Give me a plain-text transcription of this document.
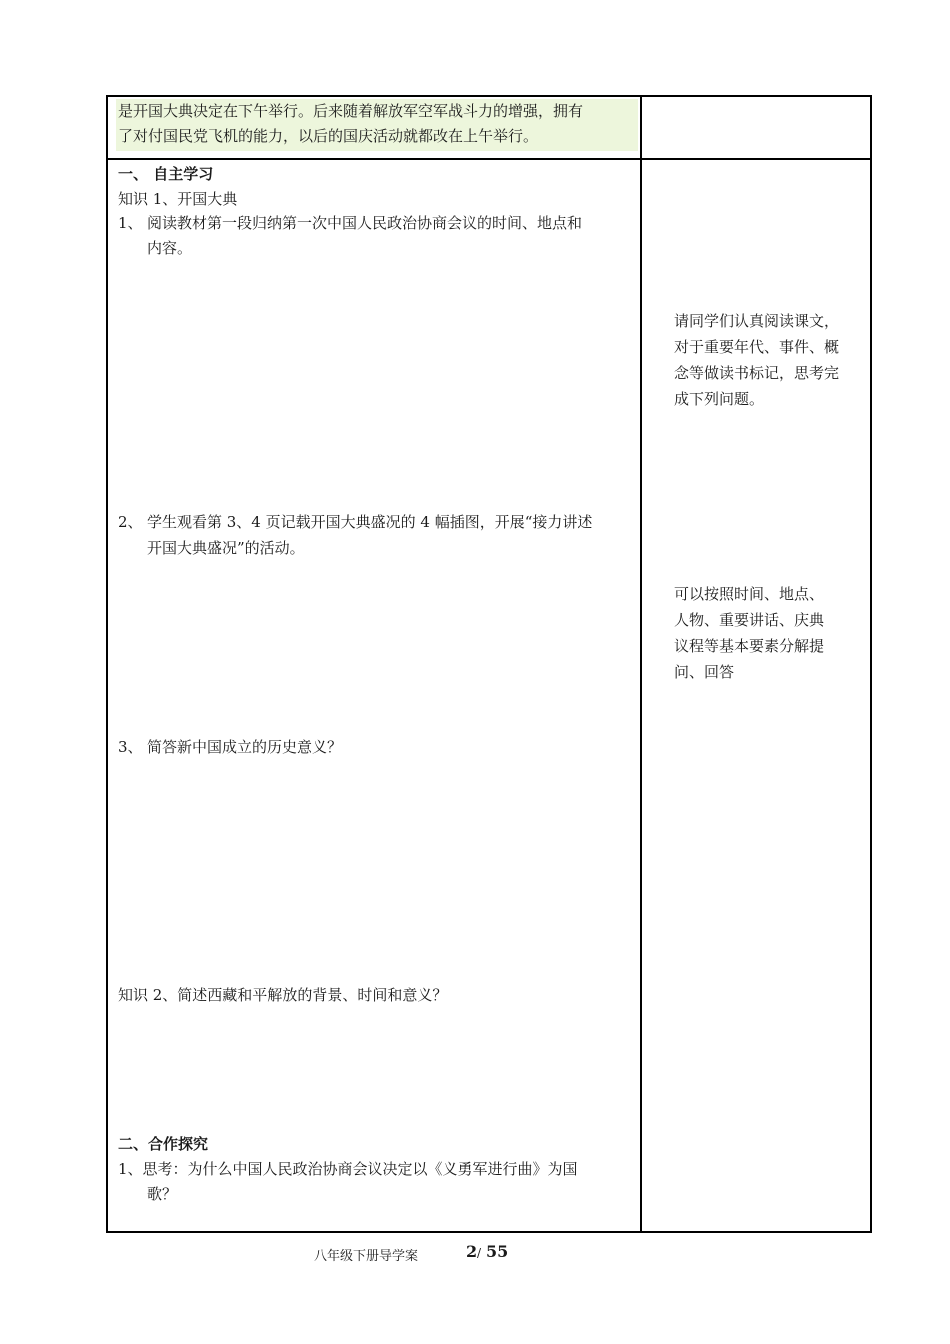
是开国大典决定在下午举行。后来随着解放军空军战斗力的增强，拥有
了对付国民党飞机的能力，以后的国庆活动就都改在上午举行。
一、 自主学习
知识 1、开国大典
1、 阅读教材第一段归纳第一次中国人民政治协商会议的时间、地点和
内容。
2、 学生观看第 3、4 页记载开国大典盛况的 4 幅插图，开展“接力讲述
开国大典盛况”的活动。
3、 简答新中国成立的历史意义？
知识 2、简述西藏和平解放的背景、时间和意义？
二、合作探究
1、思考：为什么中国人民政治协商会议决定以《义勇军进行曲》为国
歌？
请同学们认真阅读课文，
对于重要年代、事件、概
念等做读书标记，思考完
成下列问题。
可以按照时间、地点、
人物、重要讲话、庆典
议程等基本要素分解提
问、回答
八年级下册导学案	2 / 55
